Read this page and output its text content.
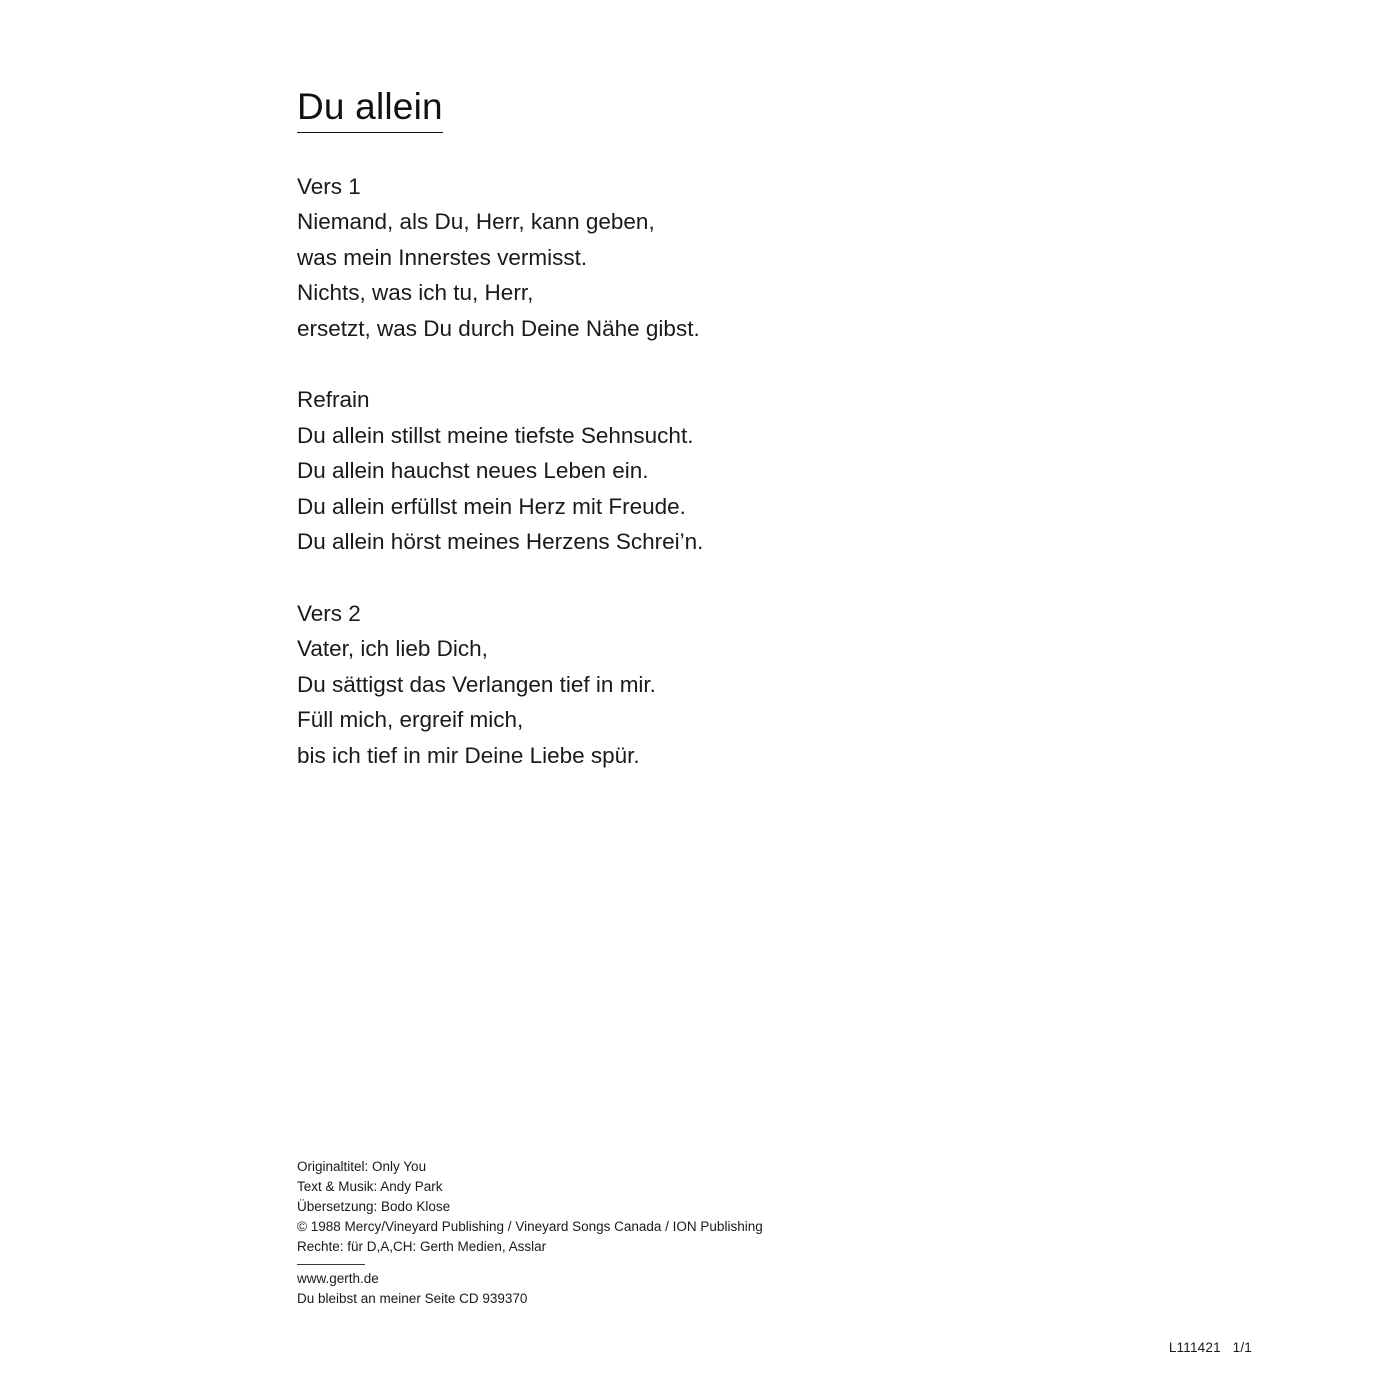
Du allein
Vers 1
Niemand, als Du, Herr, kann geben,
was mein Innerstes vermisst.
Nichts, was ich tu, Herr,
ersetzt, was Du durch Deine Nähe gibst.
Refrain
Du allein stillst meine tiefste Sehnsucht.
Du allein hauchst neues Leben ein.
Du allein erfüllst mein Herz mit Freude.
Du allein hörst meines Herzens Schrei’n.
Vers 2
Vater, ich lieb Dich,
Du sättigst das Verlangen tief in mir.
Füll mich, ergreif mich,
bis ich tief in mir Deine Liebe spür.
Originaltitel: Only You
Text & Musik: Andy Park
Übersetzung: Bodo Klose
© 1988 Mercy/Vineyard Publishing / Vineyard Songs Canada / ION Publishing
Rechte: für D,A,CH: Gerth Medien, Asslar
www.gerth.de
Du bleibst an meiner Seite CD 939370
L111421   1/1
